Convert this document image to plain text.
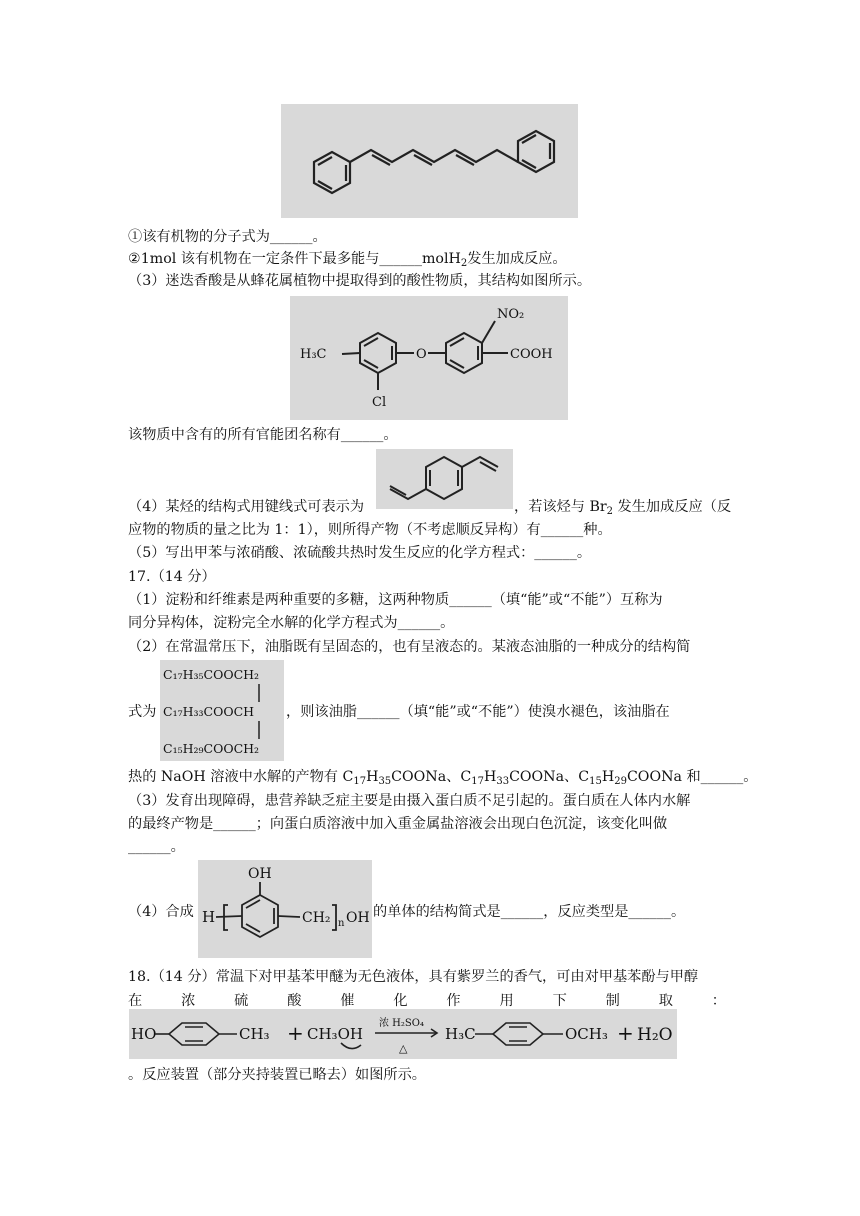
①该有机物的分子式为______。
②1mol 该有机物在一定条件下最多能与______molH$_2$发生加成反应。
（3）迷迭香酸是从蜂花属植物中提取得到的酸性物质，其结构如图所示。
NO₂
H₃C	O	COOH
Cl
该物质中含有的所有官能团名称有______。
（4）某烃的结构式用键线式可表示为	，若该烃与 $Br_2$ 发生加成反应（反
应物的物质的量之比为 1：1），则所得产物（不考虑顺反异构）有______种。
（5）写出甲苯与浓硝酸、浓硫酸共热时发生反应的化学方程式：______。
17.（14 分）
（1）淀粉和纤维素是两种重要的多糖，这两种物质______（填“能”或“不能”）互称为
同分异构体，淀粉完全水解的化学方程式为______。
（2）在常温常压下，油脂既有呈固态的，也有呈液态的。某液态油脂的一种成分的结构简
C₁₇H₃₅COOCH₂
C₁₇H₃₃COOCH
C₁₅H₂₉COOCH₂
式为	，则该油脂______（填“能”或“不能”）使溴水褪色，该油脂在
热的 NaOH 溶液中水解的产物有 $C_{17}H_{35}COONa$、$C_{17}H_{33}COONa$、$C_{15}H_{29}COONa$ 和______。
（3）发育出现障碍，患营养缺乏症主要是由摄入蛋白质不足引起的。蛋白质在人体内水解
的最终产物是______；向蛋白质溶液中加入重金属盐溶液会出现白色沉淀，该变化叫做
______。
OH
H	CH₂ n OH
（4）合成	的单体的结构简式是______，反应类型是______。
18.（14 分）常温下对甲基苯甲醚为无色液体，具有紫罗兰的香气，可由对甲基苯酚与甲醇
在浓硫酸催化作用下制取：
HO	CH₃ + CH₃OH
浓 H₂SO₄
△
H₃C	OCH₃ + H₂O
。反应装置（部分夹持装置已略去）如图所示。
